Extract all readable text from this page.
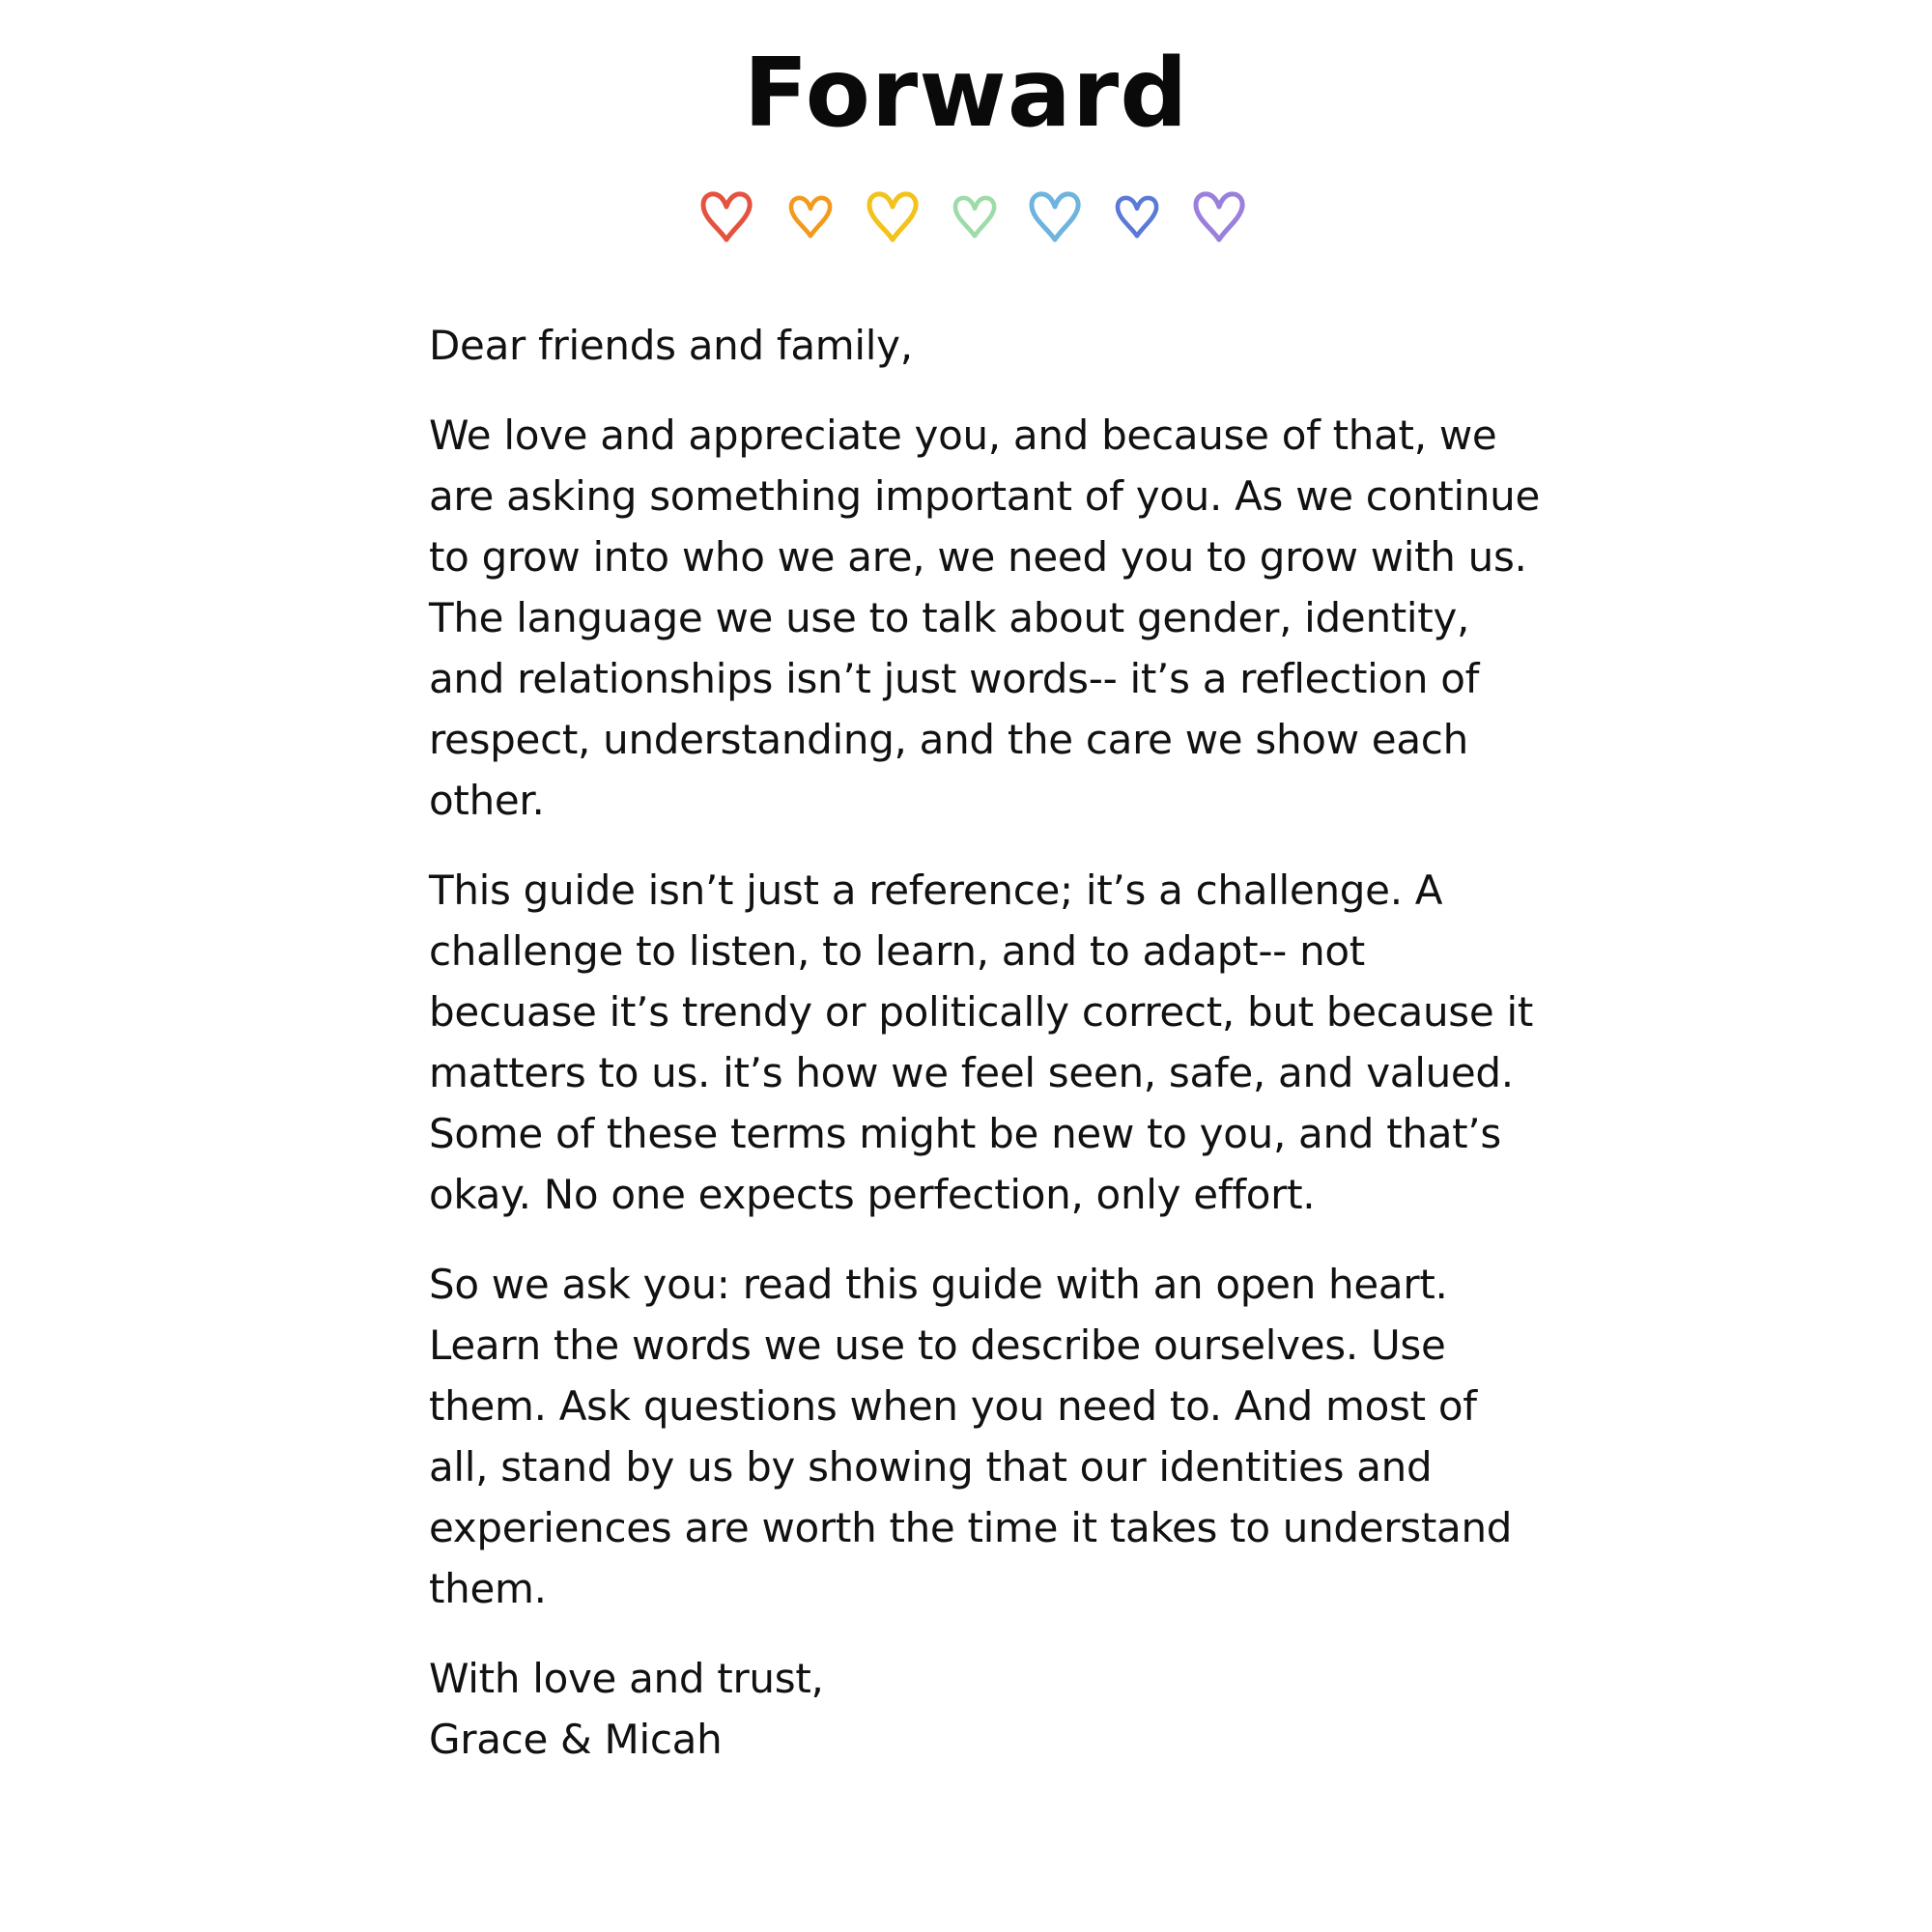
Forward

Dear friends and family,

We love and appreciate you, and because of that, we are asking something important of you. As we continue to grow into who we are, we need you to grow with us. The language we use to talk about gender, identity, and relationships isn’t just words-- it’s a reflection of respect, understanding, and the care we show each other.

This guide isn’t just a reference; it’s a challenge. A challenge to listen, to learn, and to adapt-- not becuase it’s trendy or politically correct, but because it matters to us. it’s how we feel seen, safe, and valued. Some of these terms might be new to you, and that’s okay. No one expects perfection, only effort.

So we ask you: read this guide with an open heart. Learn the words we use to describe ourselves. Use them. Ask questions when you need to. And most of all, stand by us by showing that our identities and experiences are worth the time it takes to understand them.

With love and trust,
Grace & Micah
